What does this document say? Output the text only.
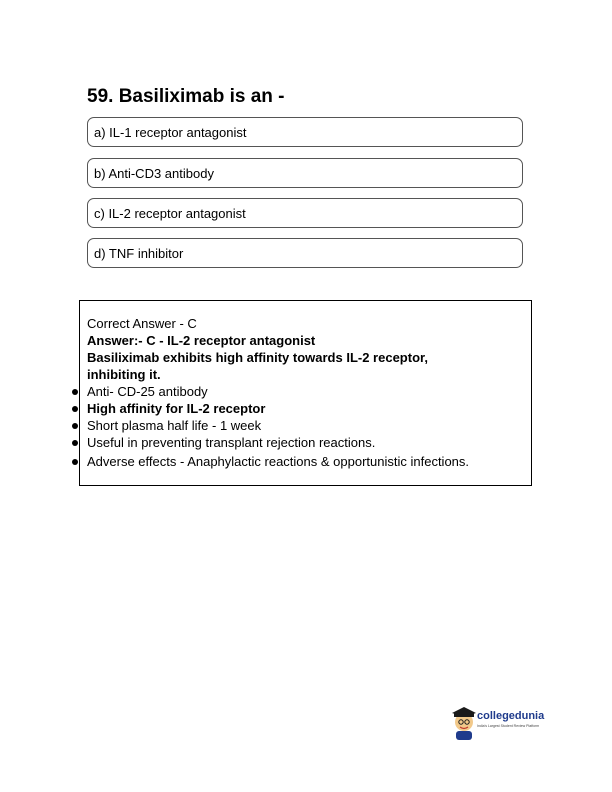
59. Basiliximab is an -
a) IL-1 receptor antagonist
b) Anti-CD3 antibody
c) IL-2 receptor antagonist
d) TNF inhibitor
Correct Answer - C
Answer:- C - IL-2 receptor antagonist
Basiliximab exhibits high affinity towards IL-2 receptor,
inhibiting it.
Anti- CD-25 antibody
High affinity for IL-2 receptor
Short plasma half life - 1 week
Useful in preventing transplant rejection reactions.
Adverse effects - Anaphylactic reactions & opportunistic infections.
collegedunia
India's Largest Student Review Platform
